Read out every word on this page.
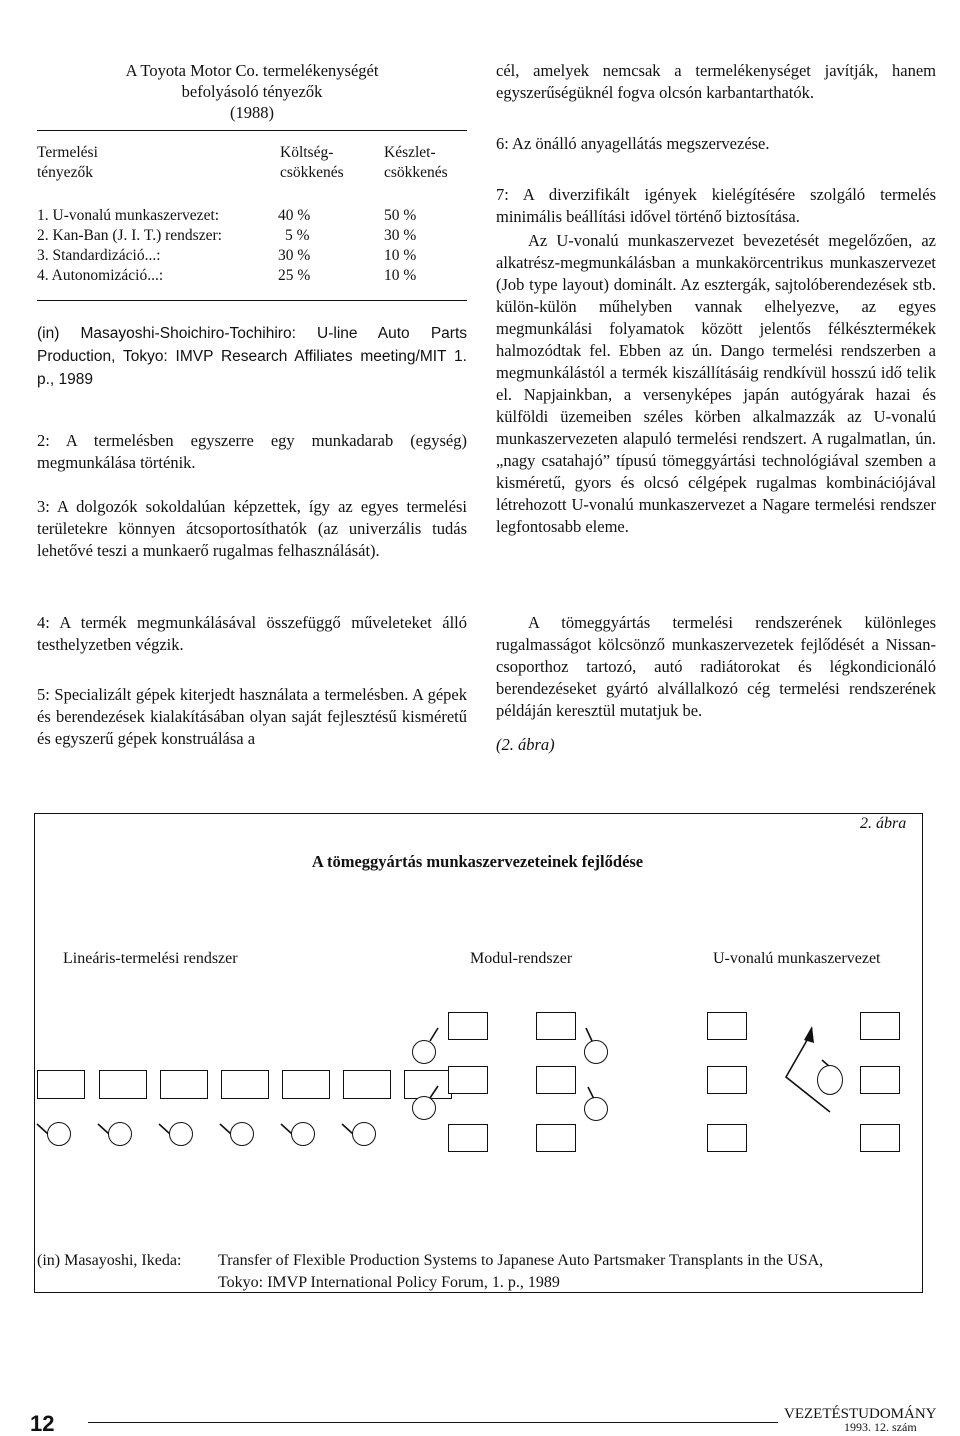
A Toyota Motor Co. termelékenységét befolyásoló tényezők
(1988)
Termelési	Költség-	Készlet-
tényezők	csökkenés	csökkenés
1. U-vonalú munkaszervezet:	40 %	50 %
2. Kan-Ban (J. I. T.) rendszer:	5 %	30 %
3. Standardizáció...:	30 %	10 %
4. Autonomizáció...:	25 %	10 %
(in) Masayoshi-Shoichiro-Tochihiro: U-line Auto Parts Production, Tokyo: IMVP Research Affiliates meeting/MIT 1. p., 1989
2: A termelésben egyszerre egy munkadarab (egység) megmunkálása történik.
3: A dolgozók sokoldalúan képzettek, így az egyes termelési területekre könnyen átcsoportosíthatók (az univerzális tudás lehetővé teszi a munkaerő rugalmas felhasználását).
4: A termék megmunkálásával összefüggő műveleteket álló testhelyzetben végzik.
5: Specializált gépek kiterjedt használata a termelésben. A gépek és berendezések kialakításában olyan saját fejlesztésű kisméretű és egyszerű gépek konstruálása a
cél, amelyek nemcsak a termelékenységet javítják, hanem egyszerűségüknél fogva olcsón karbantarthatók.
6: Az önálló anyagellátás megszervezése.
7: A diverzifikált igények kielégítésére szolgáló termelés minimális beállítási idővel történő biztosítása.
Az U-vonalú munkaszervezet bevezetését megelőzően, az alkatrész-megmunkálásban a munkakörcentrikus munkaszervezet (Job type layout) dominált. Az esztergák, sajtolóberendezések stb. külön-külön műhelyben vannak elhelyezve, az egyes megmunkálási folyamatok között jelentős félkésztermékek halmozódtak fel. Ebben az ún. Dango termelési rendszerben a megmunkálástól a termék kiszállításáig rendkívül hosszú idő telik el. Napjainkban, a versenyképes japán autógyárak hazai és külföldi üzemeiben széles körben alkalmazzák az U-vonalú munkaszervezeten alapuló termelési rendszert. A rugalmatlan, ún. „nagy csatahajó” típusú tömeggyártási technológiával szemben a kisméretű, gyors és olcsó célgépek rugalmas kombinációjával létrehozott U-vonalú munkaszervezet a Nagare termelési rendszer legfontosabb eleme.
A tömeggyártás termelési rendszerének különleges rugalmasságot kölcsönző munkaszervezetek fejlődését a Nissan-csoporthoz tartozó, autó radiátorokat és légkondicionáló berendezéseket gyártó alvállalkozó cég termelési rendszerének példáján keresztül mutatjuk be.
(2. ábra)
2. ábra
A tömeggyártás munkaszervezeteinek fejlődése
Lineáris-termelési rendszer	Modul-rendszer	U-vonalú munkaszervezet
(in) Masayoshi, Ikeda: Transfer of Flexible Production Systems to Japanese Auto Partsmaker Transplants in the USA,
Tokyo: IMVP International Policy Forum, 1. p., 1989
12	VEZETÉSTUDOMÁNY
1993. 12. szám
